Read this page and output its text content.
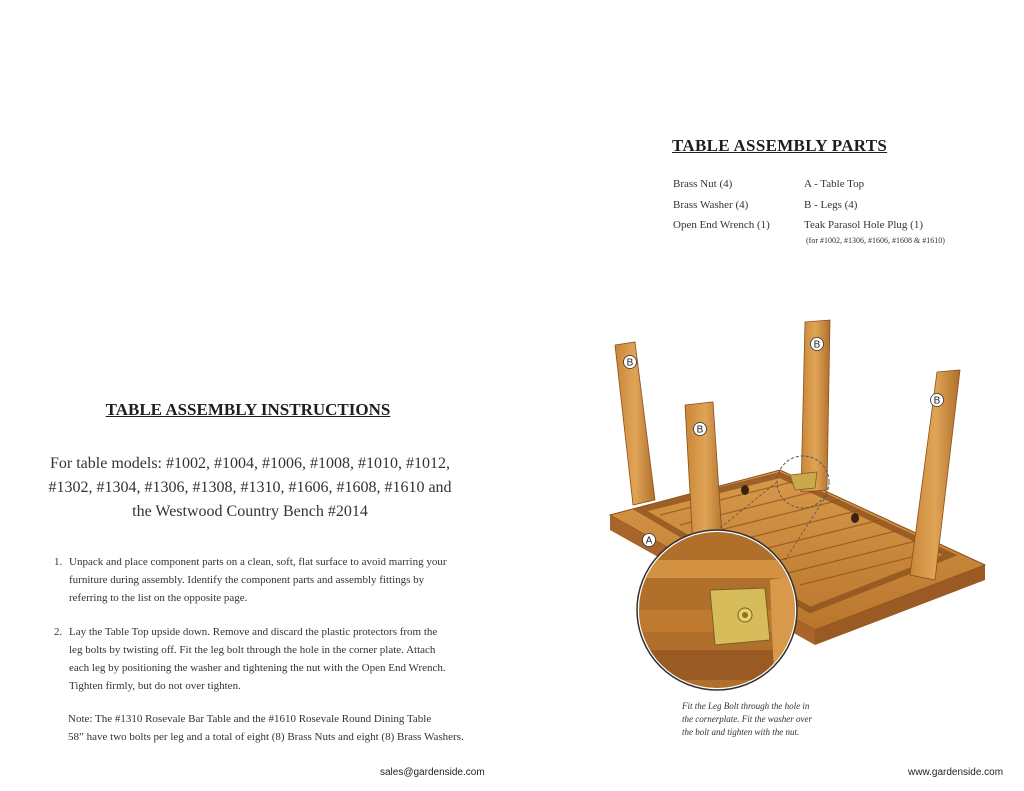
TABLE ASSEMBLY PARTS
Brass Nut (4)
Brass Washer (4)
Open End Wrench (1)
A - Table Top
B - Legs (4)
Teak Parasol Hole Plug (1)
(for #1002, #1306, #1606, #1608 & #1610)
TABLE ASSEMBLY INSTRUCTIONS
For table models: #1002, #1004, #1006, #1008, #1010, #1012,
#1302, #1304, #1306, #1308, #1310, #1606, #1608, #1610 and
the Westwood Country Bench #2014
1. Unpack and place component parts on a clean, soft, flat surface to avoid marring your
furniture during assembly. Identify the component parts and assembly fittings by
referring to the list on the opposite page.
2. Lay the Table Top upside down. Remove and discard the plastic protectors from the
leg bolts by twisting off. Fit the leg bolt through the hole in the corner plate. Attach
each leg by positioning the washer and tightening the nut with the Open End Wrench.
Tighten firmly, but do not over tighten.
Note: The #1310 Rosevale Bar Table and the #1610 Rosevale Round Dining Table
58” have two bolts per leg and a total of eight (8) Brass Nuts and eight (8) Brass Washers.
B
B
B
B
A
Fit the Leg Bolt through the hole in
the cornerplate. Fit the washer over
the bolt and tighten with the nut.
sales@gardenside.com	www.gardenside.com
